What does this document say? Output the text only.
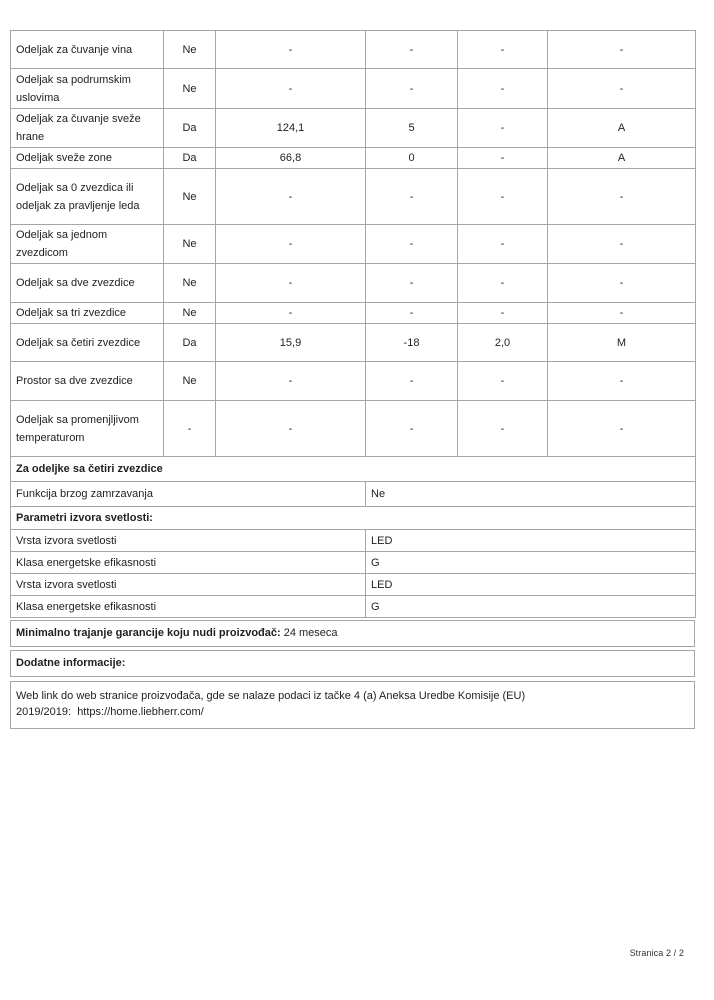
Odeljak za čuvanje vina	Ne	-	-	-	-
Odeljak sa podrumskim uslovima	Ne	-	-	-	-
Odeljak za čuvanje sveže hrane	Da	124,1	5	-	A
Odeljak sveže zone	Da	66,8	0	-	A
Odeljak sa 0 zvezdica ili odeljak za pravljenje leda	Ne	-	-	-	-
Odeljak sa jednom zvezdicom	Ne	-	-	-	-
Odeljak sa dve zvezdice	Ne	-	-	-	-
Odeljak sa tri zvezdice	Ne	-	-	-	-
Odeljak sa četiri zvezdice	Da	15,9	-18	2,0	M
Prostor sa dve zvezdice	Ne	-	-	-	-
Odeljak sa promenjljivom temperaturom	-	-	-	-	-
Za odeljke sa četiri zvezdice
Funkcija brzog zamrzavanja	Ne
Parametri izvora svetlosti:	
Vrsta izvora svetlosti	LED
Klasa energetske efikasnosti	G
Vrsta izvora svetlosti	LED
Klasa energetske efikasnosti	G
Minimalno trajanje garancije koju nudi proizvođač: 24 meseca
Dodatne informacije:
Web link do web stranice proizvođača, gde se nalaze podaci iz tačke 4 (a) Aneksa Uredbe Komisije (EU)
2019/2019: https://home.liebherr.com/
Stranica 2 / 2
